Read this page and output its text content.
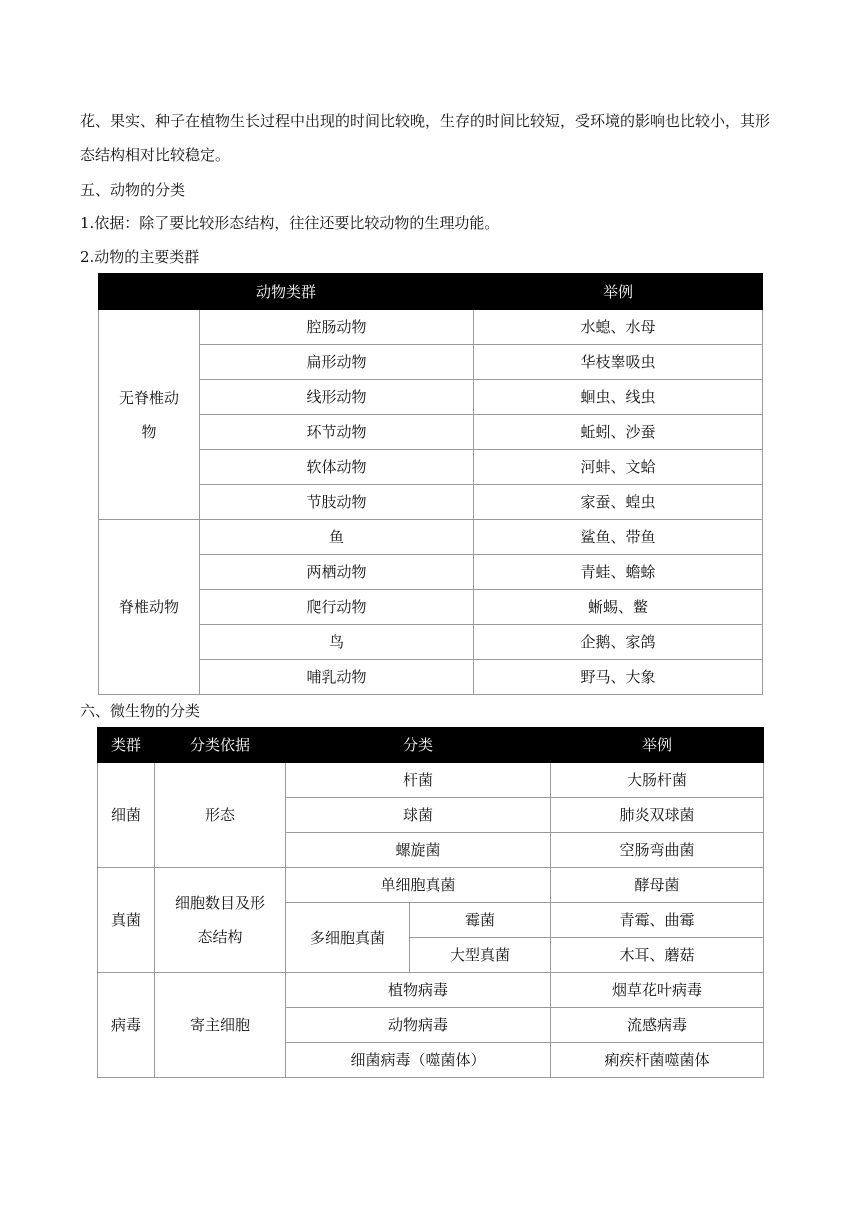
花、果实、种子在植物生长过程中出现的时间比较晚，生存的时间比较短，受环境的影响也比较小，其形态结构相对比较稳定。

五、动物的分类

1.依据：除了要比较形态结构，往往还要比较动物的生理功能。

2.动物的主要类群

动物类群		举例

无脊椎动物	腔肠动物	水螅、水母
	扁形动物	华枝睾吸虫
	线形动物	蛔虫、线虫
	环节动物	蚯蚓、沙蚕
	软体动物	河蚌、文蛤
	节肢动物	家蚕、蝗虫
脊椎动物	鱼	鲨鱼、带鱼
	两栖动物	青蛙、蟾蜍
	爬行动物	蜥蜴、鳖
	鸟	企鹅、家鸽
	哺乳动物	野马、大象

六、微生物的分类

类群	分类依据	分类		举例
细菌	形态	杆菌		大肠杆菌
		球菌		肺炎双球菌
		螺旋菌		空肠弯曲菌
真菌	细胞数目及形态结构	单细胞真菌		酵母菌
		多细胞真菌	霉菌	青霉、曲霉
			大型真菌	木耳、蘑菇
病毒	寄主细胞	植物病毒		烟草花叶病毒
		动物病毒		流感病毒
		细菌病毒（噬菌体）		痢疾杆菌噬菌体
